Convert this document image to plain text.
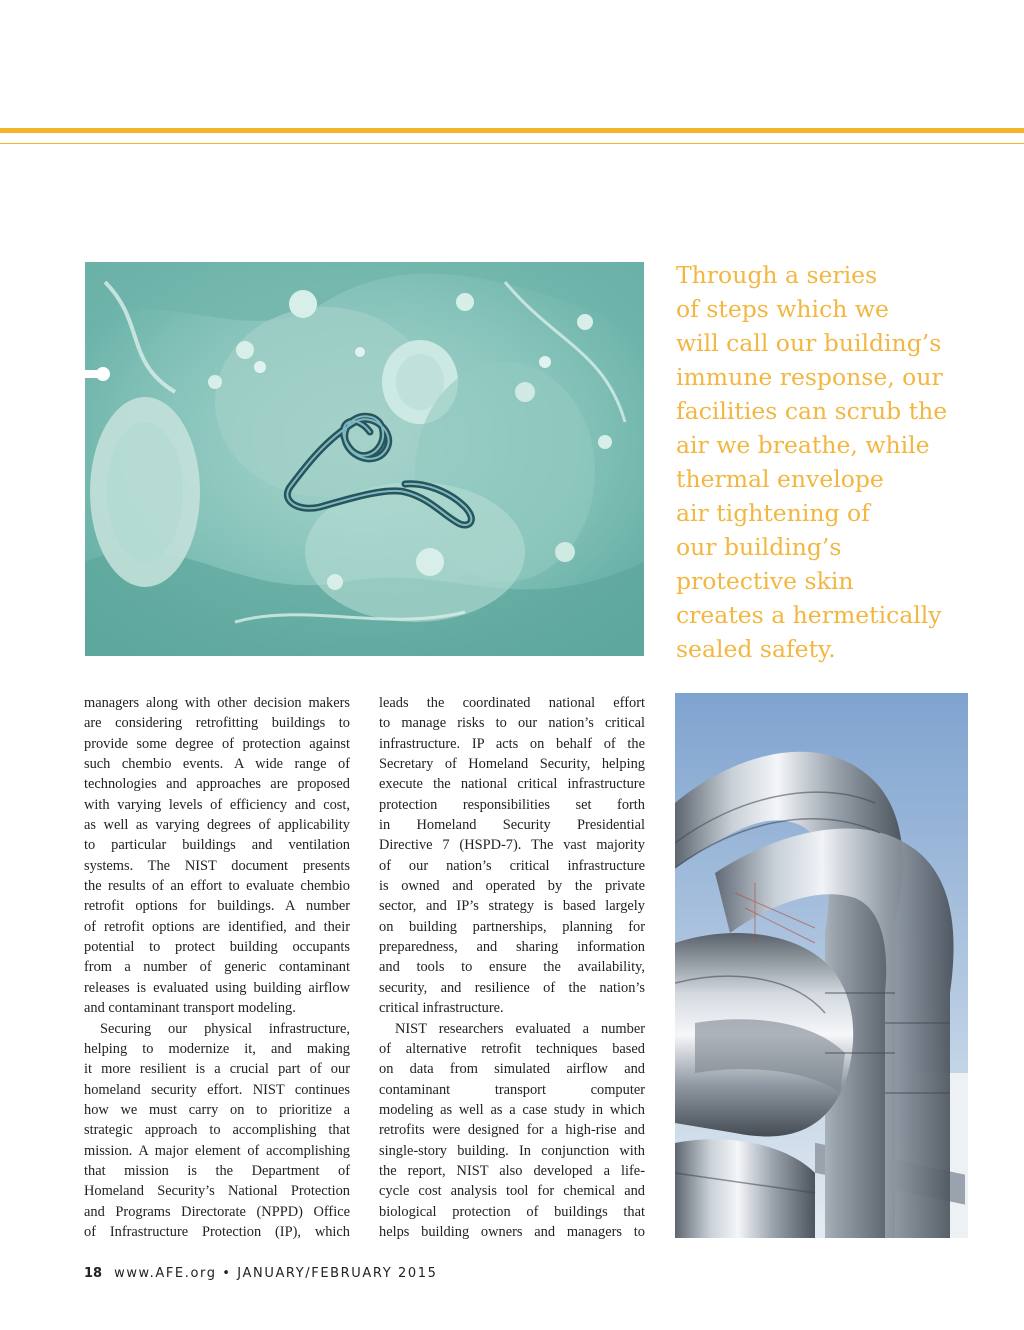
Through a series
of steps which we
will call our building’s
immune response, our
facilities can scrub the
air we breathe, while
thermal envelope
air tightening of
our building’s
protective skin
creates a hermetically
sealed safety.
managers along with other decision makers
are considering retrofitting buildings to
provide some degree of protection against
such chembio events. A wide range of
technologies and approaches are proposed
with varying levels of efficiency and cost,
as well as varying degrees of applicability
to particular buildings and ventilation
systems. The NIST document presents
the results of an effort to evaluate chembio
retrofit options for buildings. A number
of retrofit options are identified, and their
potential to protect building occupants
from a number of generic contaminant
releases is evaluated using building airflow
and contaminant transport modeling.
Securing our physical infrastructure,
helping to modernize it, and making
it more resilient is a crucial part of our
homeland security effort. NIST continues
how we must carry on to prioritize a
strategic approach to accomplishing that
mission. A major element of accomplishing
that mission is the Department of
Homeland Security’s National Protection
and Programs Directorate (NPPD) Office
of Infrastructure Protection (IP), which
leads the coordinated national effort
to manage risks to our nation’s critical
infrastructure. IP acts on behalf of the
Secretary of Homeland Security, helping
execute the national critical infrastructure
protection responsibilities set forth
in Homeland Security Presidential
Directive 7 (HSPD-7). The vast majority
of our nation’s critical infrastructure
is owned and operated by the private
sector, and IP’s strategy is based largely
on building partnerships, planning for
preparedness, and sharing information
and tools to ensure the availability,
security, and resilience of the nation’s
critical infrastructure.
NIST researchers evaluated a number
of alternative retrofit techniques based
on data from simulated airflow and
contaminant transport computer
modeling as well as a case study in which
retrofits were designed for a high-rise and
single-story building. In conjunction with
the report, NIST also developed a life-
cycle cost analysis tool for chemical and
biological protection of buildings that
helps building owners and managers to
18 www.AFE.org • JANUARY/FEBRUARY 2015
